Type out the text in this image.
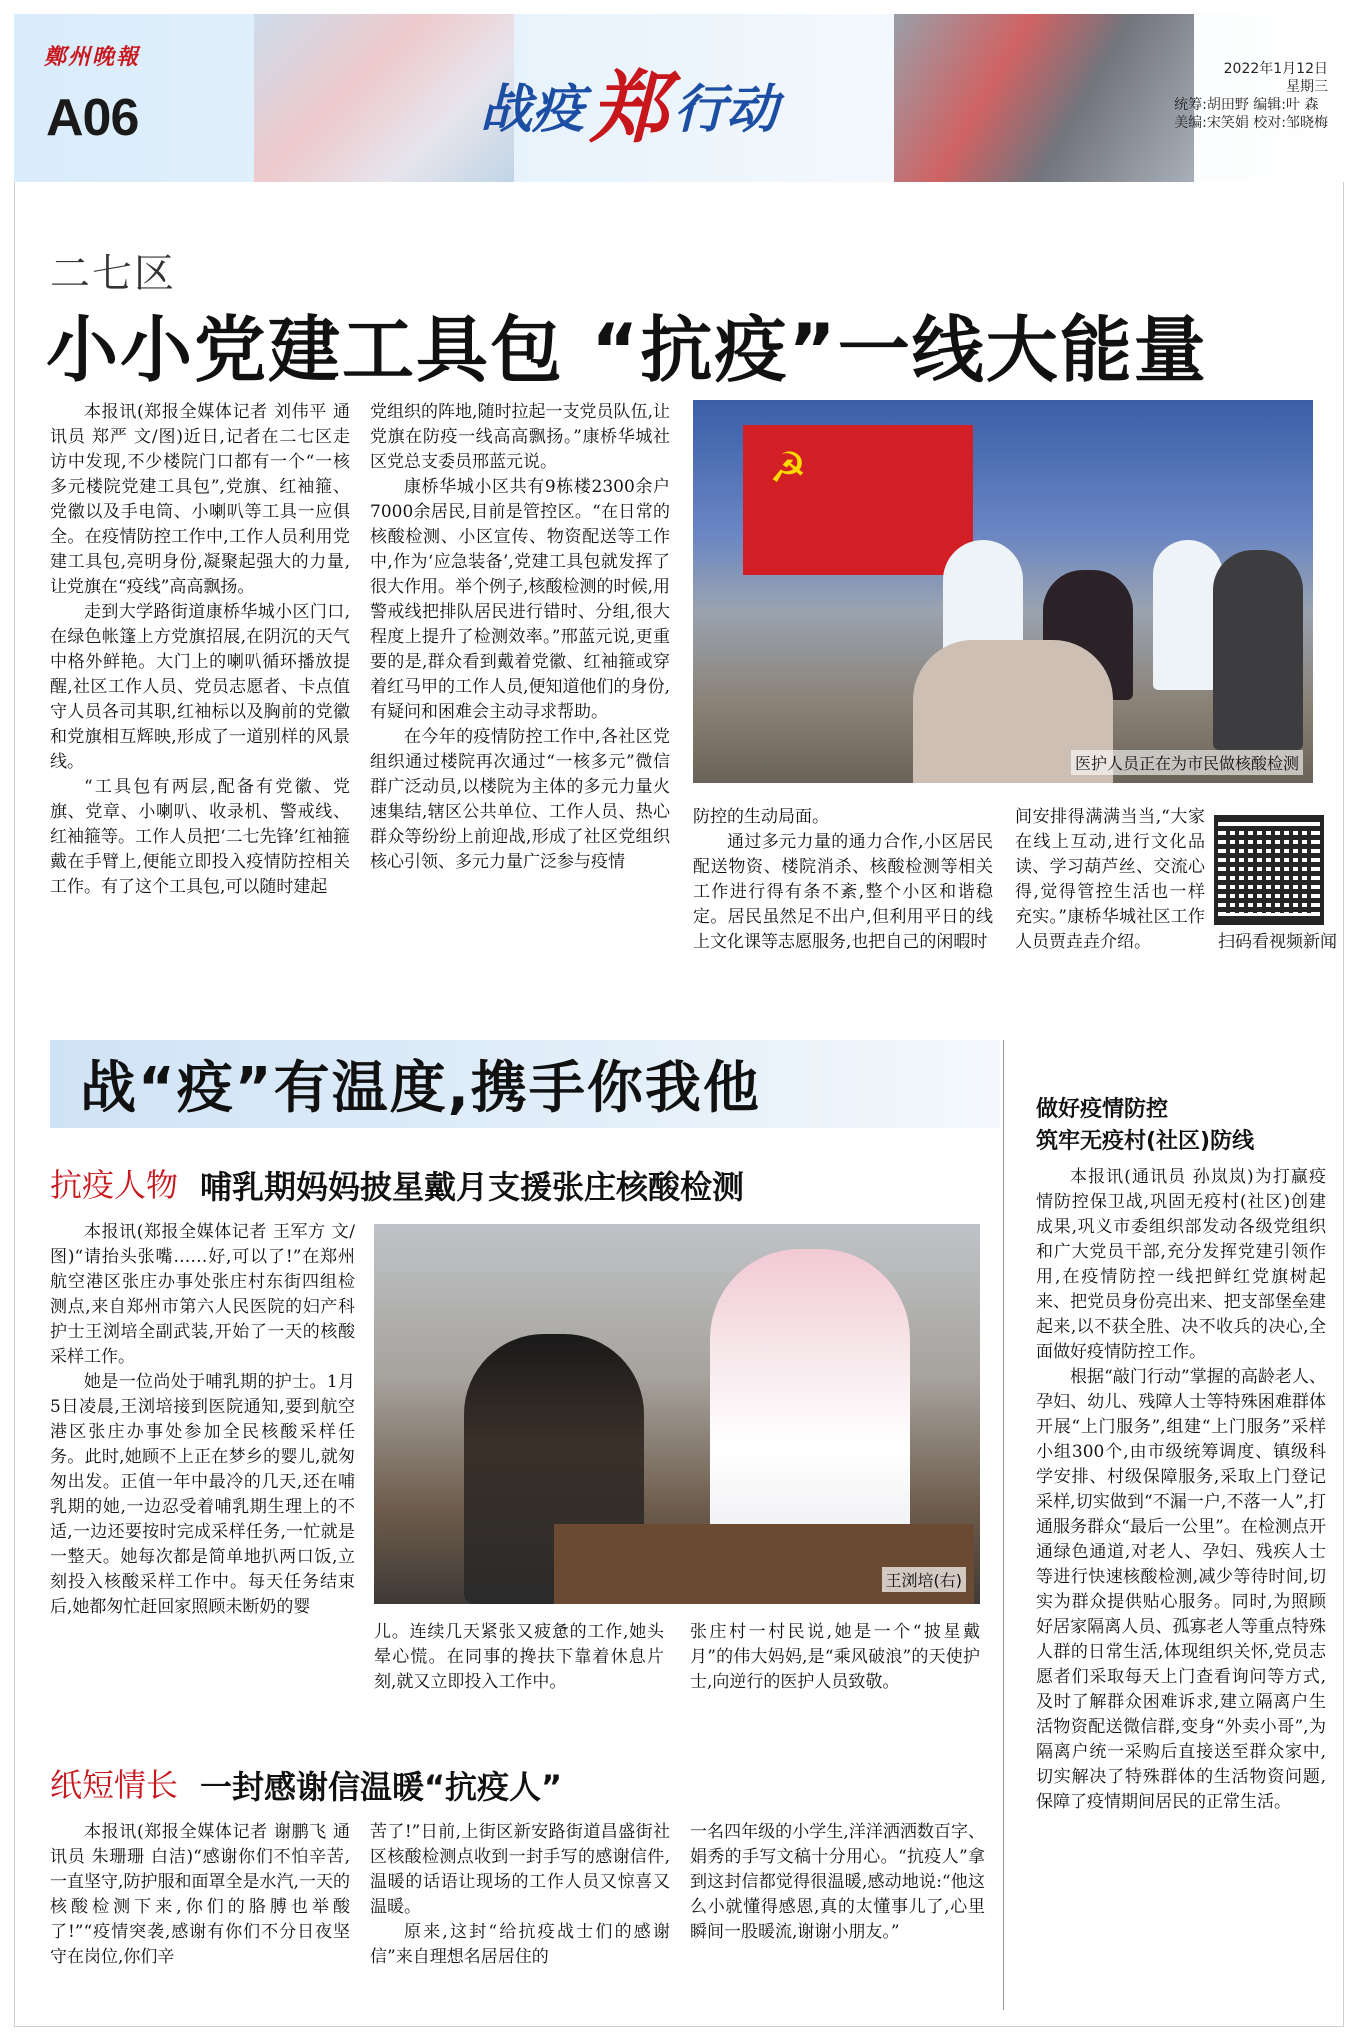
鄭州晚報
A06	战疫郑 行动
2022年1月12日
星期三
统筹:胡田野 编辑:叶 森
美编:宋笑娟 校对:邹晓梅
二七区
小小党建工具包 “抗疫”一线大能量

本报讯(郑报全媒体记者 刘伟平 通讯员 郑严 文/图)近日,记者在二七区走访中发现,不少楼院门口都有一个“一核多元楼院党建工具包”,党旗、红袖箍、党徽以及手电筒、小喇叭等工具一应俱全。在疫情防控工作中,工作人员利用党建工具包,亮明身份,凝聚起强大的力量,让党旗在“疫线”高高飘扬。

走到大学路街道康桥华城小区门口,在绿色帐篷上方党旗招展,在阴沉的天气中格外鲜艳。大门上的喇叭循环播放提醒,社区工作人员、党员志愿者、卡点值守人员各司其职,红袖标以及胸前的党徽和党旗相互辉映,形成了一道别样的风景线。

“工具包有两层,配备有党徽、党旗、党章、小喇叭、收录机、警戒线、红袖箍等。工作人员把‘二七先锋’红袖箍戴在手臂上,便能立即投入疫情防控相关工作。有了这个工具包,可以随时建起

党组织的阵地,随时拉起一支党员队伍,让党旗在防疫一线高高飘扬。”康桥华城社区党总支委员邢蓝元说。

康桥华城小区共有9栋楼2300余户7000余居民,目前是管控区。“在日常的核酸检测、小区宣传、物资配送等工作中,作为‘应急装备’,党建工具包就发挥了很大作用。举个例子,核酸检测的时候,用警戒线把排队居民进行错时、分组,很大程度上提升了检测效率。”邢蓝元说,更重要的是,群众看到戴着党徽、红袖箍或穿着红马甲的工作人员,便知道他们的身份,有疑问和困难会主动寻求帮助。

在今年的疫情防控工作中,各社区党组织通过楼院再次通过“一核多元”微信群广泛动员,以楼院为主体的多元力量火速集结,辖区公共单位、工作人员、热心群众等纷纷上前迎战,形成了社区党组织核心引领、多元力量广泛参与疫情

☭
医护人员正在为市民做核酸检测

防控的生动局面。

通过多元力量的通力合作,小区居民配送物资、楼院消杀、核酸检测等相关工作进行得有条不紊,整个小区和谐稳定。居民虽然足不出户,但利用平日的线上文化课等志愿服务,也把自己的闲暇时

间安排得满满当当,“大家在线上互动,进行文化品读、学习葫芦丝、交流心得,觉得管控生活也一样充实。”康桥华城社区工作人员贾垚垚介绍。	扫码看视频新闻
战“疫”有温度,携手你我他
抗疫人物 哺乳期妈妈披星戴月支援张庄核酸检测

本报讯(郑报全媒体记者 王军方 文/图)“请抬头张嘴……好,可以了!”在郑州航空港区张庄办事处张庄村东街四组检测点,来自郑州市第六人民医院的妇产科护士王浏培全副武装,开始了一天的核酸采样工作。

她是一位尚处于哺乳期的护士。1月5日凌晨,王浏培接到医院通知,要到航空港区张庄办事处参加全民核酸采样任务。此时,她顾不上正在梦乡的婴儿,就匆匆出发。正值一年中最冷的几天,还在哺乳期的她,一边忍受着哺乳期生理上的不适,一边还要按时完成采样任务,一忙就是一整天。她每次都是简单地扒两口饭,立刻投入核酸采样工作中。每天任务结束后,她都匆忙赶回家照顾未断奶的婴

王浏培(右)

儿。连续几天紧张又疲惫的工作,她头晕心慌。在同事的搀扶下靠着休息片刻,就又立即投入工作中。

张庄村一村民说,她是一个“披星戴月”的伟大妈妈,是“乘风破浪”的天使护士,向逆行的医护人员致敬。

纸短情长 一封感谢信温暖“抗疫人”

本报讯(郑报全媒体记者 谢鹏飞 通讯员 朱珊珊 白洁)“感谢你们不怕辛苦,一直坚守,防护服和面罩全是水汽,一天的核酸检测下来,你们的胳膊也举酸了!”“疫情突袭,感谢有你们不分日夜坚守在岗位,你们辛

苦了!”日前,上街区新安路街道昌盛街社区核酸检测点收到一封手写的感谢信件,温暖的话语让现场的工作人员又惊喜又温暖。

原来,这封“给抗疫战士们的感谢信”来自理想名居居住的

一名四年级的小学生,洋洋洒洒数百字、娟秀的手写文稿十分用心。“抗疫人”拿到这封信都觉得很温暖,感动地说:“他这么小就懂得感恩,真的太懂事儿了,心里瞬间一股暖流,谢谢小朋友。”

做好疫情防控
筑牢无疫村(社区)防线

本报讯(通讯员 孙岚岚)为打赢疫情防控保卫战,巩固无疫村(社区)创建成果,巩义市委组织部发动各级党组织和广大党员干部,充分发挥党建引领作用,在疫情防控一线把鲜红党旗树起来、把党员身份亮出来、把支部堡垒建起来,以不获全胜、决不收兵的决心,全面做好疫情防控工作。

根据“敲门行动”掌握的高龄老人、孕妇、幼儿、残障人士等特殊困难群体开展“上门服务”,组建“上门服务”采样小组300个,由市级统筹调度、镇级科学安排、村级保障服务,采取上门登记采样,切实做到“不漏一户,不落一人”,打通服务群众“最后一公里”。在检测点开通绿色通道,对老人、孕妇、残疾人士等进行快速核酸检测,减少等待时间,切实为群众提供贴心服务。同时,为照顾好居家隔离人员、孤寡老人等重点特殊人群的日常生活,体现组织关怀,党员志愿者们采取每天上门查看询问等方式,及时了解群众困难诉求,建立隔离户生活物资配送微信群,变身“外卖小哥”,为隔离户统一采购后直接送至群众家中,切实解决了特殊群体的生活物资问题,保障了疫情期间居民的正常生活。
